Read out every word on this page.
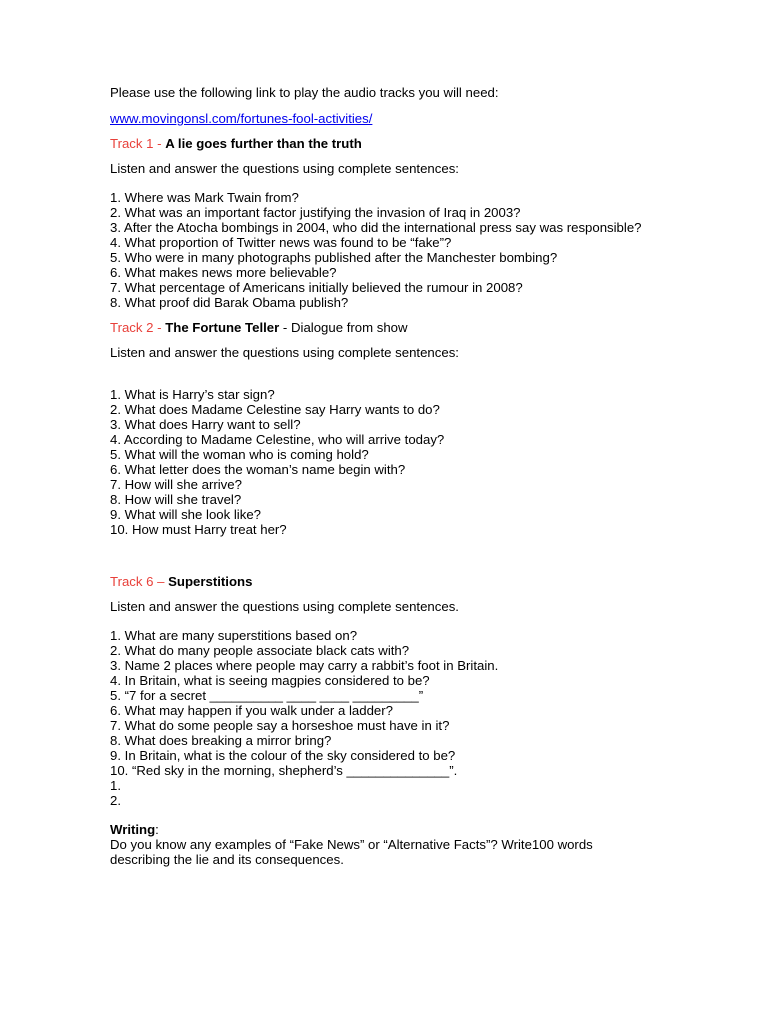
Please use the following link to play the audio tracks you will need:

www.movingonsl.com/fortunes-fool-activities/

Track 1 - A lie goes further than the truth

Listen and answer the questions using complete sentences:

1. Where was Mark Twain from?
2. What was an important factor justifying the invasion of Iraq in 2003?
3. After the Atocha bombings in 2004, who did the international press say was responsible?
4. What proportion of Twitter news was found to be “fake”?
5. Who were in many photographs published after the Manchester bombing?
6. What makes news more believable?
7. What percentage of Americans initially believed the rumour in 2008?
8. What proof did Barak Obama publish?

Track 2 - The Fortune Teller - Dialogue from show

Listen and answer the questions using complete sentences:

1. What is Harry’s star sign?
2. What does Madame Celestine say Harry wants to do?
3. What does Harry want to sell?
4. According to Madame Celestine, who will arrive today?
5. What will the woman who is coming hold?
6. What letter does the woman’s name begin with?
7. How will she arrive?
8. How will she travel?
9. What will she look like?
10. How must Harry treat her?

Track 6 – Superstitions

Listen and answer the questions using complete sentences.

1. What are many superstitions based on?
2. What do many people associate black cats with?
3. Name 2 places where people may carry a rabbit’s foot in Britain.
4. In Britain, what is seeing magpies considered to be?
5. “7 for a secret __________ ____ ____ _________”
6. What may happen if you walk under a ladder?
7. What do some people say a horseshoe must have in it?
8. What does breaking a mirror bring?
9. In Britain, what is the colour of the sky considered to be?
10. “Red sky in the morning, shepherd’s ______________”.
1.
2.

Writing:

Do you know any examples of “Fake News” or “Alternative Facts”? Write100 words describing the lie and its consequences.
